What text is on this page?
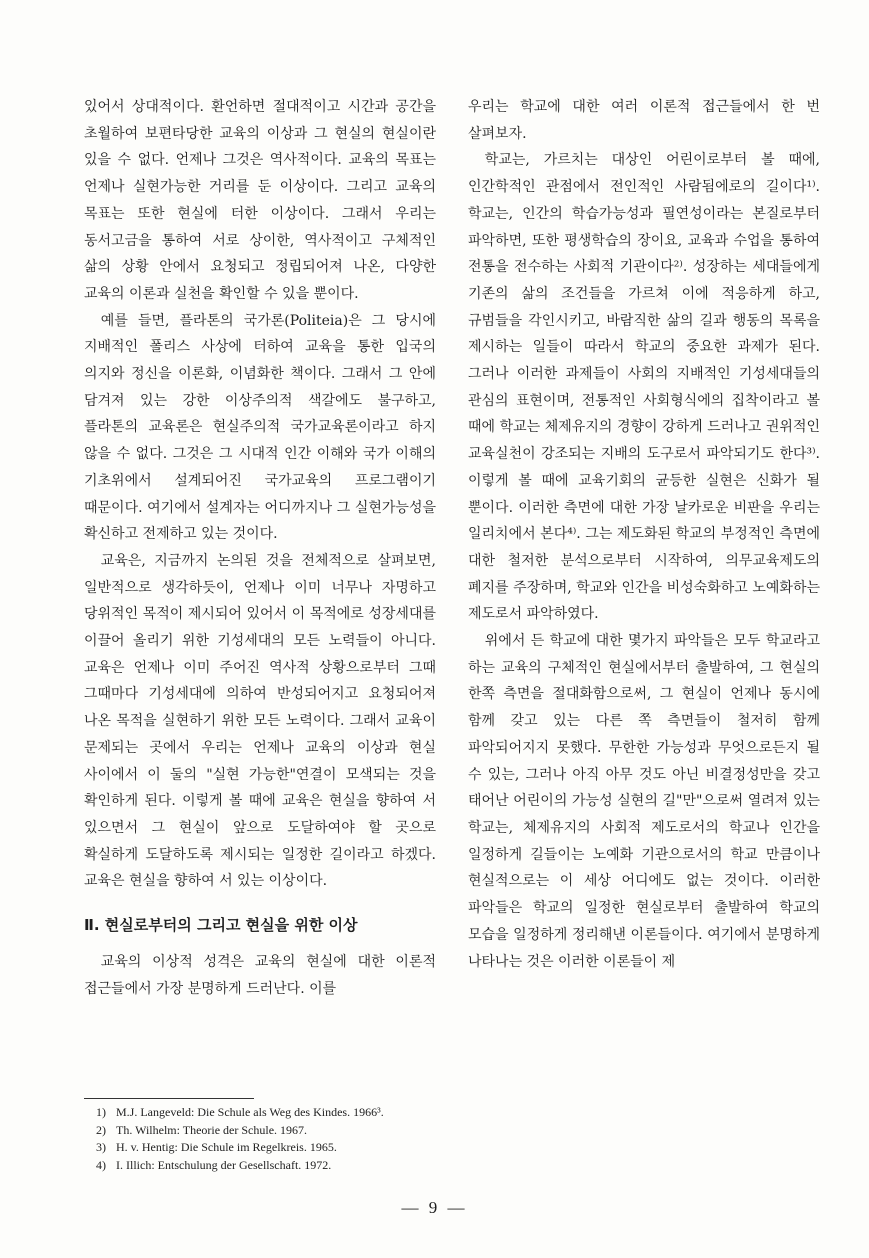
있어서 상대적이다. 환언하면 절대적이고 시간과 공간을 초월하여 보편타당한 교육의 이상과 그 현실의 현실이란 있을 수 없다. 언제나 그것은 역사적이다. 교육의 목표는 언제나 실현가능한 거리를 둔 이상이다. 그리고 교육의 목표는 또한 현실에 터한 이상이다. 그래서 우리는 동서고금을 통하여 서로 상이한, 역사적이고 구체적인 삶의 상황 안에서 요청되고 정립되어져 나온, 다양한 교육의 이론과 실천을 확인할 수 있을 뿐이다.

예를 들면, 플라톤의 국가론(Politeia)은 그 당시에 지배적인 폴리스 사상에 터하여 교육을 통한 입국의 의지와 정신을 이론화, 이념화한 책이다. 그래서 그 안에 담겨져 있는 강한 이상주의적 색갈에도 불구하고, 플라톤의 교육론은 현실주의적 국가교육론이라고 하지 않을 수 없다. 그것은 그 시대적 인간 이해와 국가 이해의 기초위에서 설계되어진 국가교육의 프로그램이기 때문이다. 여기에서 설계자는 어디까지나 그 실현가능성을 확신하고 전제하고 있는 것이다.

교육은, 지금까지 논의된 것을 전체적으로 살펴보면, 일반적으로 생각하듯이, 언제나 이미 너무나 자명하고 당위적인 목적이 제시되어 있어서 이 목적에로 성장세대를 이끌어 올리기 위한 기성세대의 모든 노력들이 아니다. 교육은 언제나 이미 주어진 역사적 상황으로부터 그때 그때마다 기성세대에 의하여 반성되어지고 요청되어져 나온 목적을 실현하기 위한 모든 노력이다. 그래서 교육이 문제되는 곳에서 우리는 언제나 교육의 이상과 현실 사이에서 이 둘의 "실현 가능한"연결이 모색되는 것을 확인하게 된다. 이렇게 볼 때에 교육은 현실을 향하여 서 있으면서 그 현실이 앞으로 도달하여야 할 곳으로 확실하게 도달하도록 제시되는 일정한 길이라고 하겠다. 교육은 현실을 향하여 서 있는 이상이다.

Ⅱ. 현실로부터의 그리고 현실을 위한 이상

교육의 이상적 성격은 교육의 현실에 대한 이론적 접근들에서 가장 분명하게 드러난다. 이를

우리는 학교에 대한 여러 이론적 접근들에서 한 번 살펴보자.

학교는, 가르치는 대상인 어린이로부터 볼 때에, 인간학적인 관점에서 전인적인 사람됨에로의 길이다¹⁾. 학교는, 인간의 학습가능성과 필연성이라는 본질로부터 파악하면, 또한 평생학습의 장이요, 교육과 수업을 통하여 전통을 전수하는 사회적 기관이다²⁾. 성장하는 세대들에게 기존의 삶의 조건들을 가르쳐 이에 적응하게 하고, 규범들을 각인시키고, 바람직한 삶의 길과 행동의 목록을 제시하는 일들이 따라서 학교의 중요한 과제가 된다. 그러나 이러한 과제들이 사회의 지배적인 기성세대들의 관심의 표현이며, 전통적인 사회형식에의 집착이라고 볼 때에 학교는 체제유지의 경향이 강하게 드러나고 권위적인 교육실천이 강조되는 지배의 도구로서 파악되기도 한다³⁾. 이렇게 볼 때에 교육기회의 균등한 실현은 신화가 될 뿐이다. 이러한 측면에 대한 가장 날카로운 비판을 우리는 일리치에서 본다⁴⁾. 그는 제도화된 학교의 부정적인 측면에 대한 철저한 분석으로부터 시작하여, 의무교육제도의 폐지를 주장하며, 학교와 인간을 비성숙화하고 노예화하는 제도로서 파악하였다.

위에서 든 학교에 대한 몇가지 파악들은 모두 학교라고 하는 교육의 구체적인 현실에서부터 출발하여, 그 현실의 한쪽 측면을 절대화함으로써, 그 현실이 언제나 동시에 함께 갖고 있는 다른 쪽 측면들이 철저히 함께 파악되어지지 못했다. 무한한 가능성과 무엇으로든지 될 수 있는, 그러나 아직 아무 것도 아닌 비결정성만을 갖고 태어난 어린이의 가능성 실현의 길"만"으로써 열려져 있는 학교는, 체제유지의 사회적 제도로서의 학교나 인간을 일정하게 길들이는 노예화 기관으로서의 학교 만큼이나 현실적으로는 이 세상 어디에도 없는 것이다. 이러한 파악들은 학교의 일정한 현실로부터 출발하여 학교의 모습을 일정하게 정리해낸 이론들이다. 여기에서 분명하게 나타나는 것은 이러한 이론들이 제

1) M.J. Langeveld: Die Schule als Weg des Kindes. 1966³.
2) Th. Wilhelm: Theorie der Schule. 1967.
3) H. v. Hentig: Die Schule im Regelkreis. 1965.
4) I. Illich: Entschulung der Gesellschaft. 1972.
— 9 —
